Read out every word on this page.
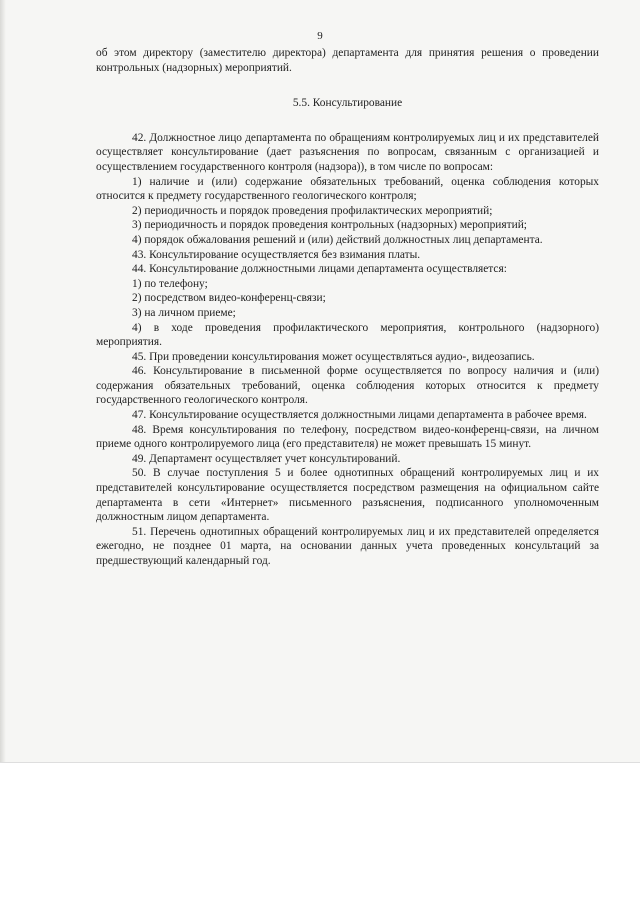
9

об этом директору (заместителю директора) департамента для принятия решения о проведении контрольных (надзорных) мероприятий.

5.5. Консультирование

42. Должностное лицо департамента по обращениям контролируемых лиц и их представителей осуществляет консультирование (дает разъяснения по вопросам, связанным с организацией и осуществлением государственного контроля (надзора)), в том числе по вопросам:

1) наличие и (или) содержание обязательных требований, оценка соблюдения которых относится к предмету государственного геологического контроля;

2) периодичность и порядок проведения профилактических мероприятий;

3) периодичность и порядок проведения контрольных (надзорных) мероприятий;

4) порядок обжалования решений и (или) действий должностных лиц департамента.

43. Консультирование осуществляется без взимания платы.

44. Консультирование должностными лицами департамента осуществляется:

1) по телефону;

2) посредством видео-конференц-связи;

3) на личном приеме;

4) в ходе проведения профилактического мероприятия, контрольного (надзорного) мероприятия.

45. При проведении консультирования может осуществляться аудио-, видеозапись.

46. Консультирование в письменной форме осуществляется по вопросу наличия и (или) содержания обязательных требований, оценка соблюдения которых относится к предмету государственного геологического контроля.

47. Консультирование осуществляется должностными лицами департамента в рабочее время.

48. Время консультирования по телефону, посредством видео-конференц-связи, на личном приеме одного контролируемого лица (его представителя) не может превышать 15 минут.

49. Департамент осуществляет учет консультирований.

50. В случае поступления 5 и более однотипных обращений контролируемых лиц и их представителей консультирование осуществляется посредством размещения на официальном сайте департамента в сети «Интернет» письменного разъяснения, подписанного уполномоченным должностным лицом департамента.

51. Перечень однотипных обращений контролируемых лиц и их представителей определяется ежегодно, не позднее 01 марта, на основании данных учета проведенных консультаций за предшествующий календарный год.
